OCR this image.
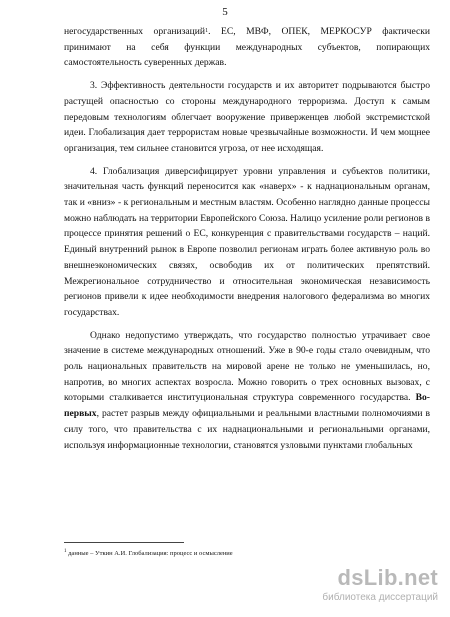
5

негосударственных организаций$^1$. ЕС, МВФ, ОПЕК, МЕРКОСУР фактически принимают на себя функции международных субъектов, попирающих самостоятельность суверенных держав.

3. Эффективность деятельности государств и их авторитет подрываются быстро растущей опасностью со стороны международного терроризма. Доступ к самым передовым технологиям облегчает вооружение приверженцев любой экстремистской идеи. Глобализация дает террористам новые чрезвычайные возможности. И чем мощнее организация, тем сильнее становится угроза, от нее исходящая.

4. Глобализация диверсифицирует уровни управления и субъектов политики, значительная часть функций переносится как «наверх» - к наднациональным органам, так и «вниз» - к региональным и местным властям. Особенно наглядно данные процессы можно наблюдать на территории Европейского Союза. Налицо усиление роли регионов в процессе принятия решений о ЕС, конкуренция с правительствами государств – наций. Единый внутренний рынок в Европе позволил регионам играть более активную роль во внешнеэкономических связях, освободив их от политических препятствий. Межрегиональное сотрудничество и относительная экономическая независимость регионов привели к идее необходимости внедрения налогового федерализма во многих государствах.

Однако недопустимо утверждать, что государство полностью утрачивает свое значение в системе международных отношений. Уже в 90-е годы стало очевидным, что роль национальных правительств на мировой арене не только не уменьшилась, но, напротив, во многих аспектах возросла. Можно говорить о трех основных вызовах, с которыми сталкивается институциональная структура современного государства. Во-первых, растет разрыв между официальными и реальными властными полномочиями в силу того, что правительства с их наднациональными и региональными органами, используя информационные технологии, становятся узловыми пунктами глобальных

$^1$ данные – Уткин А.И. Глобализация: процесс и осмысление
dsLib.net
библиотека диссертаций
